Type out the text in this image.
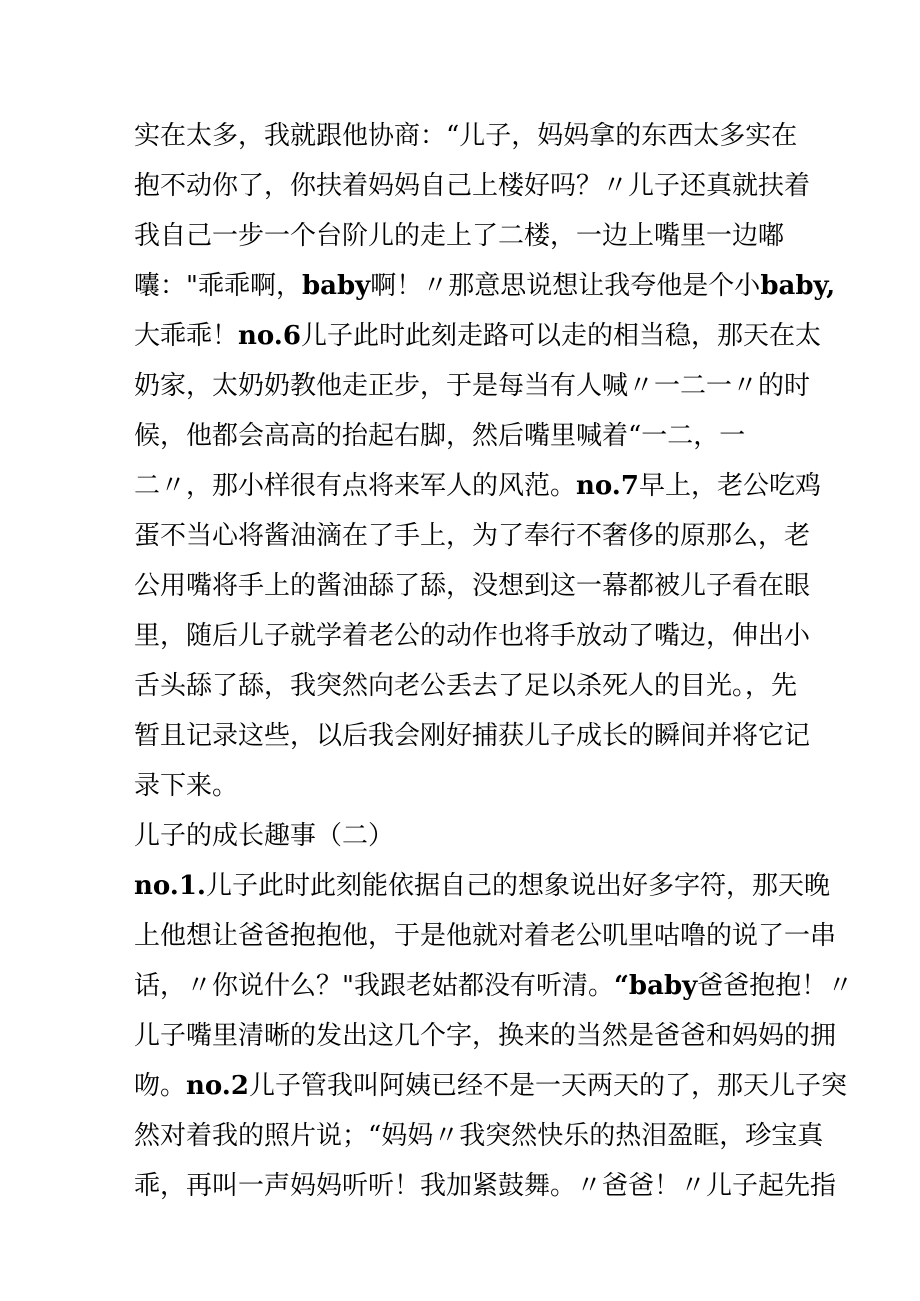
实在太多，我就跟他协商：“儿子，妈妈拿的东西太多实在
抱不动你了，你扶着妈妈自己上楼好吗？〃儿子还真就扶着
我自己一步一个台阶儿的走上了二楼，一边上嘴里一边嘟
囔："乖乖啊，baby啊！〃那意思说想让我夸他是个小baby,
大乖乖！no.6儿子此时此刻走路可以走的相当稳，那天在太
奶家，太奶奶教他走正步，于是每当有人喊〃一二一〃的时
候，他都会高高的抬起右脚，然后嘴里喊着“一二，一
二〃，那小样很有点将来军人的风范。no.7早上，老公吃鸡
蛋不当心将酱油滴在了手上，为了奉行不奢侈的原那么，老
公用嘴将手上的酱油舔了舔，没想到这一幕都被儿子看在眼
里，随后儿子就学着老公的动作也将手放动了嘴边，伸出小
舌头舔了舔，我突然向老公丢去了足以杀死人的目光。，先
暂且记录这些，以后我会刚好捕获儿子成长的瞬间并将它记
录下来。
儿子的成长趣事（二）
no.1.儿子此时此刻能依据自己的想象说出好多字符，那天晚
上他想让爸爸抱抱他，于是他就对着老公叽里咕噜的说了一串
话，〃你说什么？"我跟老姑都没有听清。“baby爸爸抱抱！〃
儿子嘴里清晰的发出这几个字，换来的当然是爸爸和妈妈的拥
吻。no.2儿子管我叫阿姨已经不是一天两天的了，那天儿子突
然对着我的照片说；“妈妈〃我突然快乐的热泪盈眶，珍宝真
乖，再叫一声妈妈听听！我加紧鼓舞。〃爸爸！〃儿子起先指
